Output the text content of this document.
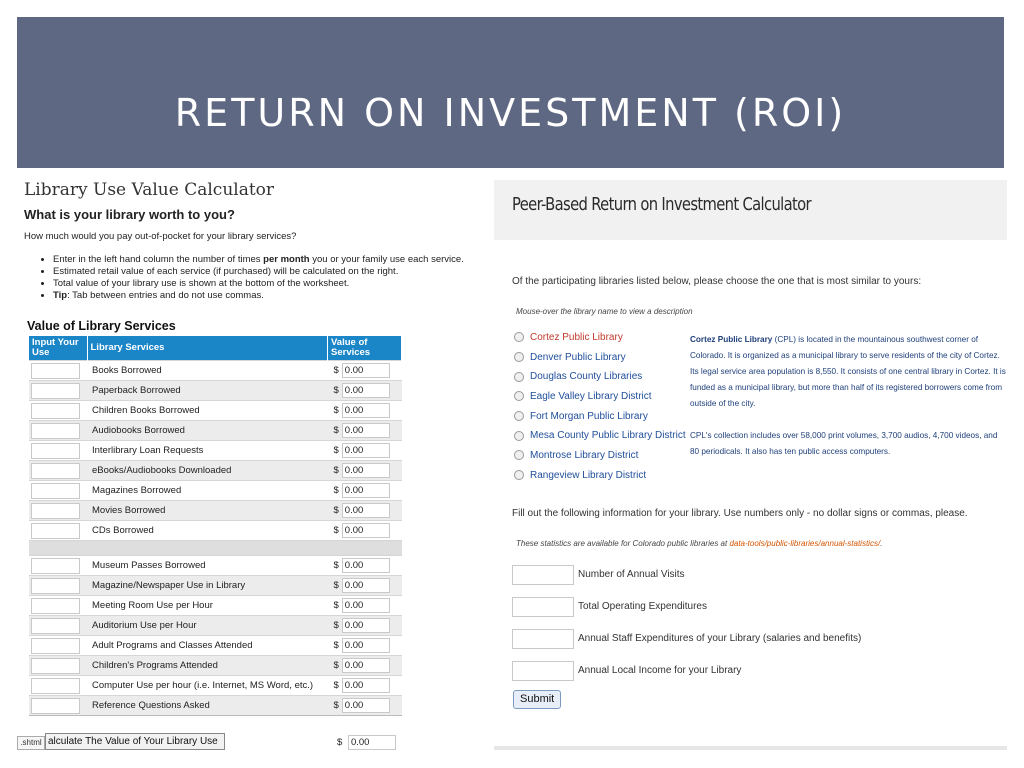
RETURN ON INVESTMENT (ROI)
Library Use Value Calculator
What is your library worth to you?
How much would you pay out-of-pocket for your library services?
• Enter in the left hand column the number of times per month you or your family use each service.
• Estimated retail value of each service (if purchased) will be calculated on the right.
• Total value of your library use is shown at the bottom of the worksheet.
• Tip: Tab between entries and do not use commas.
Value of Library Services
Input Your Use	Library Services	Value of Services
	Books Borrowed	$ 0.00
	Paperback Borrowed	$ 0.00
	Children Books Borrowed	$ 0.00
	Audiobooks Borrowed	$ 0.00
	Interlibrary Loan Requests	$ 0.00
	eBooks/Audiobooks Downloaded	$ 0.00
	Magazines Borrowed	$ 0.00
	Movies Borrowed	$ 0.00
	CDs Borrowed	$ 0.00

	Museum Passes Borrowed	$ 0.00
	Magazine/Newspaper Use in Library	$ 0.00
	Meeting Room Use per Hour	$ 0.00
	Auditorium Use per Hour	$ 0.00
	Adult Programs and Classes Attended	$ 0.00
	Children's Programs Attended	$ 0.00
	Computer Use per hour (i.e. Internet, MS Word, etc.)	$ 0.00
	Reference Questions Asked	$ 0.00

.shtml alculate The Value of Your Library Use	$ 0.00
Peer-Based Return on Investment Calculator
Of the participating libraries listed below, please choose the one that is most similar to yours:
Mouse-over the library name to view a description
Cortez Public Library
Denver Public Library
Douglas County Libraries
Eagle Valley Library District
Fort Morgan Public Library
Mesa County Public Library District
Montrose Library District
Rangeview Library District
Cortez Public Library (CPL) is located in the mountainous southwest corner of Colorado. It is organized as a municipal library to serve residents of the city of Cortez. Its legal service area population is 8,550. It consists of one central library in Cortez. It is funded as a municipal library, but more than half of its registered borrowers come from outside of the city.
CPL's collection includes over 58,000 print volumes, 3,700 audios, 4,700 videos, and 80 periodicals. It also has ten public access computers.
Fill out the following information for your library. Use numbers only - no dollar signs or commas, please.
These statistics are available for Colorado public libraries at data-tools/public-libraries/annual-statistics/.
Number of Annual Visits
Total Operating Expenditures
Annual Staff Expenditures of your Library (salaries and benefits)
Annual Local Income for your Library
Submit
